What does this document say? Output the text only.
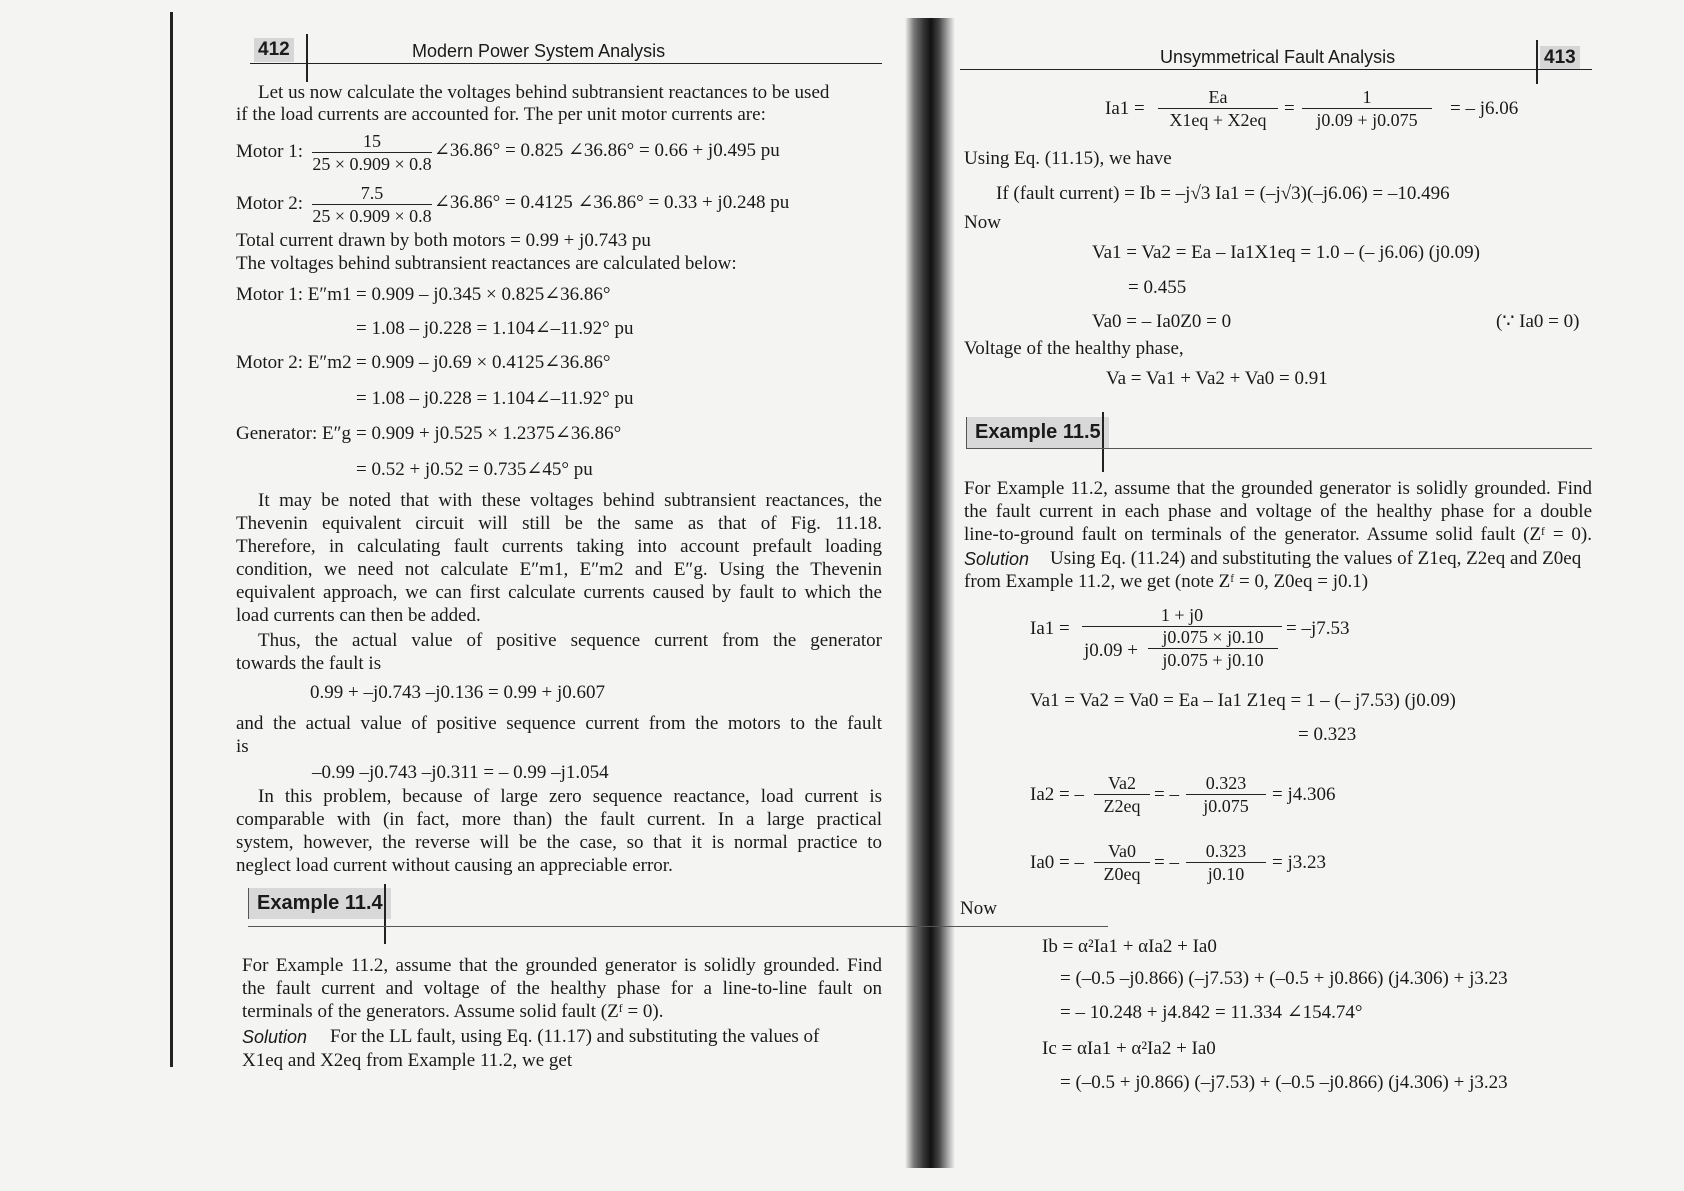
412	Modern Power System Analysis
Let us now calculate the voltages behind subtransient reactances to be used
if the load currents are accounted for. The per unit motor currents are:
Motor 1: $\frac{15}{25 \times 0.909 \times 0.8}$ ∠36.86° = 0.825 ∠36.86° = 0.66 + j0.495 pu
Motor 2: $\frac{7.5}{25 \times 0.909 \times 0.8}$ ∠36.86° = 0.4125 ∠36.86° = 0.33 + j0.248 pu
Total current drawn by both motors = 0.99 + j0.743 pu
The voltages behind subtransient reactances are calculated below:
Motor 1: E″m1 = 0.909 – j0.345 × 0.825∠36.86°
= 1.08 – j0.228 = 1.104∠–11.92° pu
Motor 2: E″m2 = 0.909 – j0.69 × 0.4125∠36.86°
= 1.08 – j0.228 = 1.104∠–11.92° pu
Generator: E″g = 0.909 + j0.525 × 1.2375∠36.86°
= 0.52 + j0.52 = 0.735∠45° pu
It may be noted that with these voltages behind subtransient reactances, the
Thevenin equivalent circuit will still be the same as that of Fig. 11.18.
Therefore, in calculating fault currents taking into account prefault loading
condition, we need not calculate E″m1, E″m2 and E″g. Using the Thevenin
equivalent approach, we can first calculate currents caused by fault to which the
load currents can then be added.
Thus, the actual value of positive sequence current from the generator
towards the fault is
0.99 + –j0.743 –j0.136 = 0.99 + j0.607
and the actual value of positive sequence current from the motors to the fault
is
–0.99 –j0.743 –j0.311 = – 0.99 –j1.054
In this problem, because of large zero sequence reactance, load current is
comparable with (in fact, more than) the fault current. In a large practical
system, however, the reverse will be the case, so that it is normal practice to
neglect load current without causing an appreciable error.
Example 11.4
For Example 11.2, assume that the grounded generator is solidly grounded. Find
the fault current and voltage of the healthy phase for a line-to-line fault on
terminals of the generators. Assume solid fault (Zᶠ = 0).
Solution For the LL fault, using Eq. (11.17) and substituting the values of
X1eq and X2eq from Example 11.2, we get
Unsymmetrical Fault Analysis	413
$Ia1 = \frac{Ea}{X1eq + X2eq} = \frac{1}{j0.09 + j0.075}$ = – j6.06
Using Eq. (11.15), we have
If (fault current) = Ib = –j√3 Ia1 = (–j√3)(–j6.06) = –10.496
Now
Va1 = Va2 = Ea – Ia1X1eq = 1.0 – (– j6.06) (j0.09)
= 0.455
Va0 = – Ia0Z0 = 0	(∵ Ia0 = 0)
Voltage of the healthy phase,
Va = Va1 + Va2 + Va0 = 0.91
Example 11.5
For Example 11.2, assume that the grounded generator is solidly grounded. Find
the fault current in each phase and voltage of the healthy phase for a double
line-to-ground fault on terminals of the generator. Assume solid fault (Zᶠ = 0).
Solution Using Eq. (11.24) and substituting the values of Z1eq, Z2eq and Z0eq
from Example 11.2, we get (note Zᶠ = 0, Z0eq = j0.1)
Ia1 =
1 + j0
$j0.09 + \frac{j0.075 \times j0.10}{j0.075 + j0.10} = -j7.53$
Va1 = Va2 = Va0 = Ea – Ia1 Z1eq = 1 – (– j7.53) (j0.09)
= 0.323
Ia2 = – $\frac{Va2}{Z2eq}$ = – $\frac{0.323}{j0.075} = j4.306$
Ia0 = – $\frac{Va0}{Z0eq}$ = – $\frac{0.323}{j0.10} = j3.23$
Now
Ib = α²Ia1 + αIa2 + Ia0
= (–0.5 –j0.866) (–j7.53) + (–0.5 + j0.866) (j4.306) + j3.23
= – 10.248 + j4.842 = 11.334 ∠154.74°
Ic = αIa1 + α²Ia2 + Ia0
= (–0.5 + j0.866) (–j7.53) + (–0.5 –j0.866) (j4.306) + j3.23
